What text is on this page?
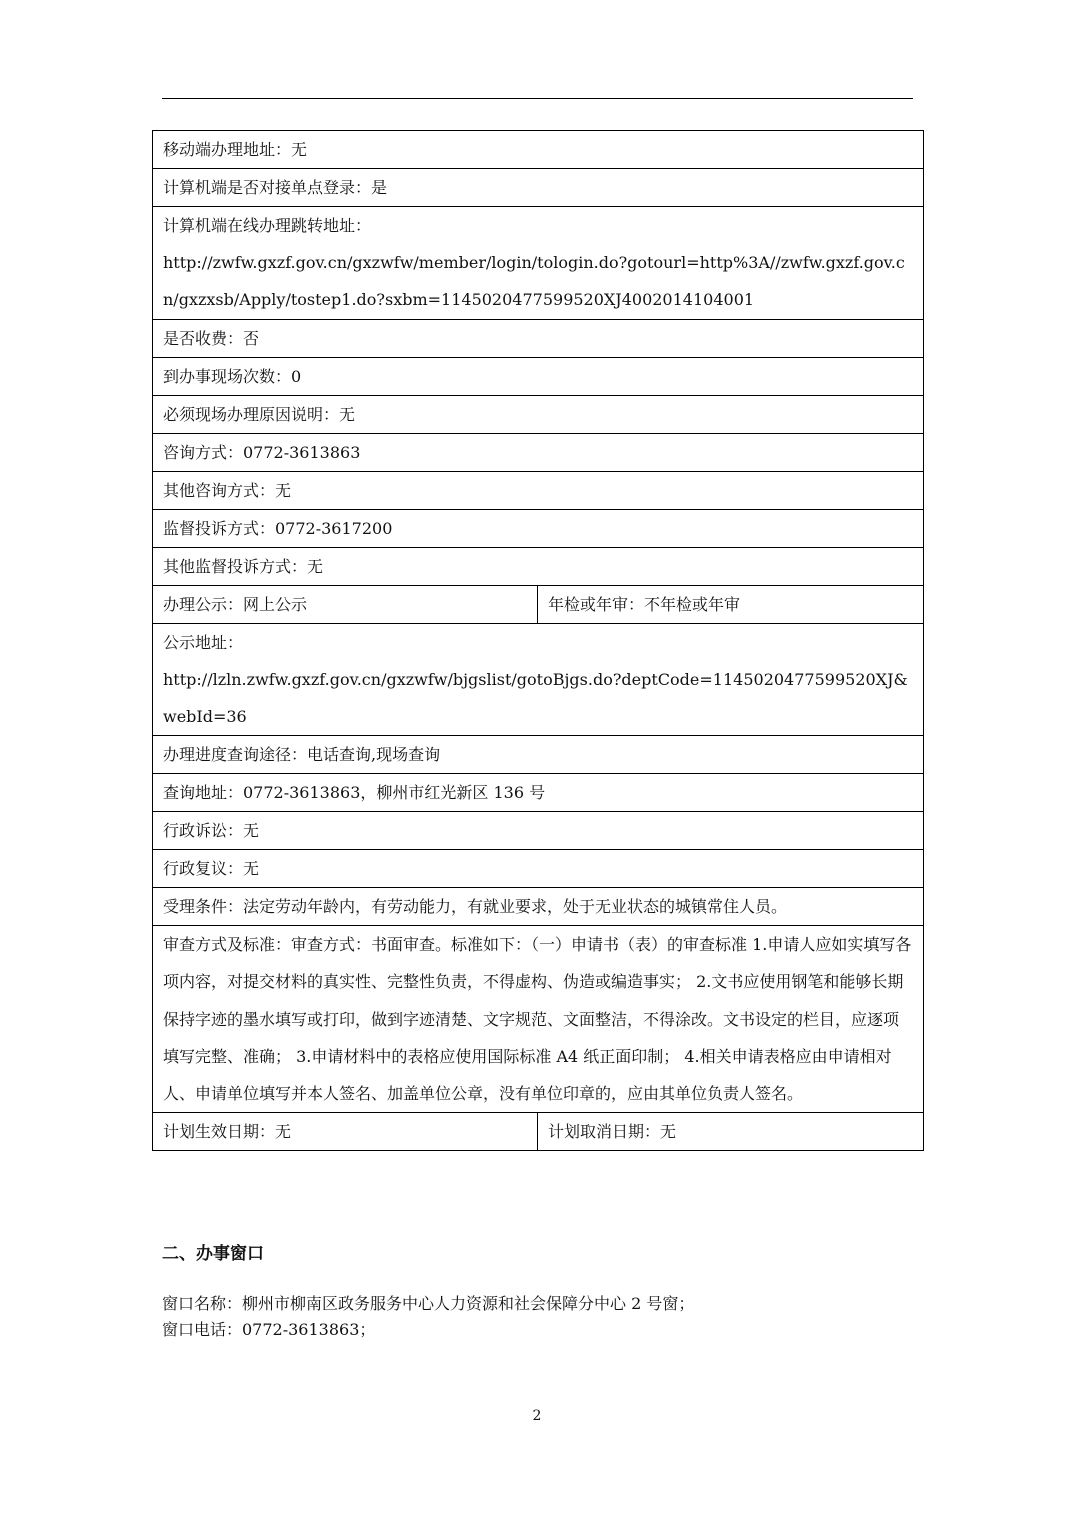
移动端办理地址：无	
计算机端是否对接单点登录：是	
计算机端在线办理跳转地址：
http://zwfw.gxzf.gov.cn/gxzwfw/member/login/tologin.do?gotourl=http%3A//zwfw.gxzf.gov.cn/gxzxsb/Apply/tostep1.do?sxbm=1145020477599520XJ4002014104001	
是否收费：否	
到办事现场次数：0	
必须现场办理原因说明：无	
咨询方式：0772-3613863	
其他咨询方式：无	
监督投诉方式：0772-3617200	
其他监督投诉方式：无	
办理公示：网上公示	年检或年审：不年检或年审
公示地址：
http://lzln.zwfw.gxzf.gov.cn/gxzwfw/bjgslist/gotoBjgs.do?deptCode=1145020477599520XJ&webId=36	
办理进度查询途径：电话查询,现场查询	
查询地址：0772-3613863，柳州市红光新区 136 号	
行政诉讼：无	
行政复议：无	
受理条件：法定劳动年龄内，有劳动能力，有就业要求，处于无业状态的城镇常住人员。	
审查方式及标准：审查方式：书面审查。标准如下：（一）申请书（表）的审查标准 1.申请人应如实填写各项内容，对提交材料的真实性、完整性负责，不得虚构、伪造或编造事实； 2.文书应使用钢笔和能够长期保持字迹的墨水填写或打印，做到字迹清楚、文字规范、文面整洁，不得涂改。文书设定的栏目，应逐项填写完整、准确； 3.申请材料中的表格应使用国际标准 A4 纸正面印制； 4.相关申请表格应由申请相对人、申请单位填写并本人签名、加盖单位公章，没有单位印章的，应由其单位负责人签名。	
计划生效日期：无	计划取消日期：无
二、办事窗口
窗口名称：柳州市柳南区政务服务中心人力资源和社会保障分中心 2 号窗；
窗口电话：0772-3613863；
2
